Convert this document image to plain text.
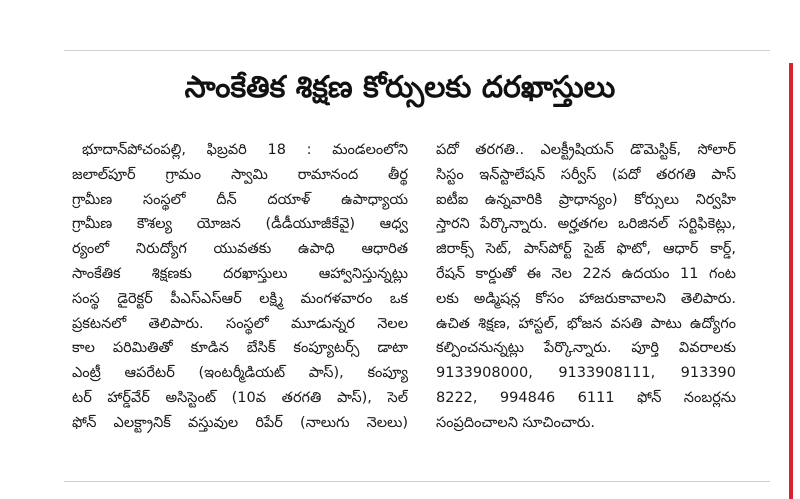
సాంకేతిక శిక్షణ కోర్సులకు దరఖాస్తులు
భూదాన్‌పోచంపల్లి, ఫిబ్రవరి 18 : మండలంలోని
జలాల్‌పూర్ గ్రామం స్వామి రామానంద తీర్థ
గ్రామీణ సంస్థలో దీన్ దయాళ్ ఉపాధ్యాయ
గ్రామీణ కౌశల్య యోజన (డీడీయూజీకేవై) ఆధ్వ
ర్యంలో నిరుద్యోగ యువతకు ఉపాధి ఆధారిత
సాంకేతిక శిక్షణకు దరఖాస్తులు ఆహ్వానిస్తున్నట్లు
సంస్థ డైరెక్టర్ పీఎస్ఎస్ఆర్ లక్ష్మి మంగళవారం ఒక
ప్రకటనలో తెలిపారు. సంస్థలో మూడున్నర నెలల
కాల పరిమితితో కూడిన బేసిక్ కంప్యూటర్స్ డాటా
ఎంట్రీ ఆపరేటర్ (ఇంటర్మీడియట్ పాస్), కంప్యూ
టర్ హార్డ్‌వేర్ అసిస్టెంట్ (10వ తరగతి పాస్), సెల్
ఫోన్ ఎలక్ట్రానిక్ వస్తువుల రిపేర్ (నాలుగు నెలలు)
పదో తరగతి.. ఎలక్ట్రీషియన్ డొమెస్టిక్, సోలార్
సిస్టం ఇన్‌స్టాలేషన్ సర్వీస్ (పదో తరగతి పాస్
ఐటీఐ ఉన్నవారికి ప్రాధాన్యం) కోర్సులు నిర్వహి
స్తారని పేర్కొన్నారు. అర్హతగల ఒరిజినల్ సర్టిఫికెట్లు,
జిరాక్స్ సెట్, పాస్‌పోర్ట్ సైజ్ ఫొటో, ఆధార్ కార్డ్,
రేషన్ కార్డుతో ఈ నెల 22న ఉదయం 11 గంట
లకు అడ్మిషన్ల కోసం హాజరుకావాలని తెలిపారు.
ఉచిత శిక్షణ, హాస్టల్, భోజన వసతి పాటు ఉద్యోగం
కల్పించనున్నట్లు పేర్కొన్నారు. పూర్తి వివరాలకు
9133908000, 9133908111, 913390
8222, 994846 6111 ఫోన్ నంబర్లను
సంప్రదించాలని సూచించారు.
